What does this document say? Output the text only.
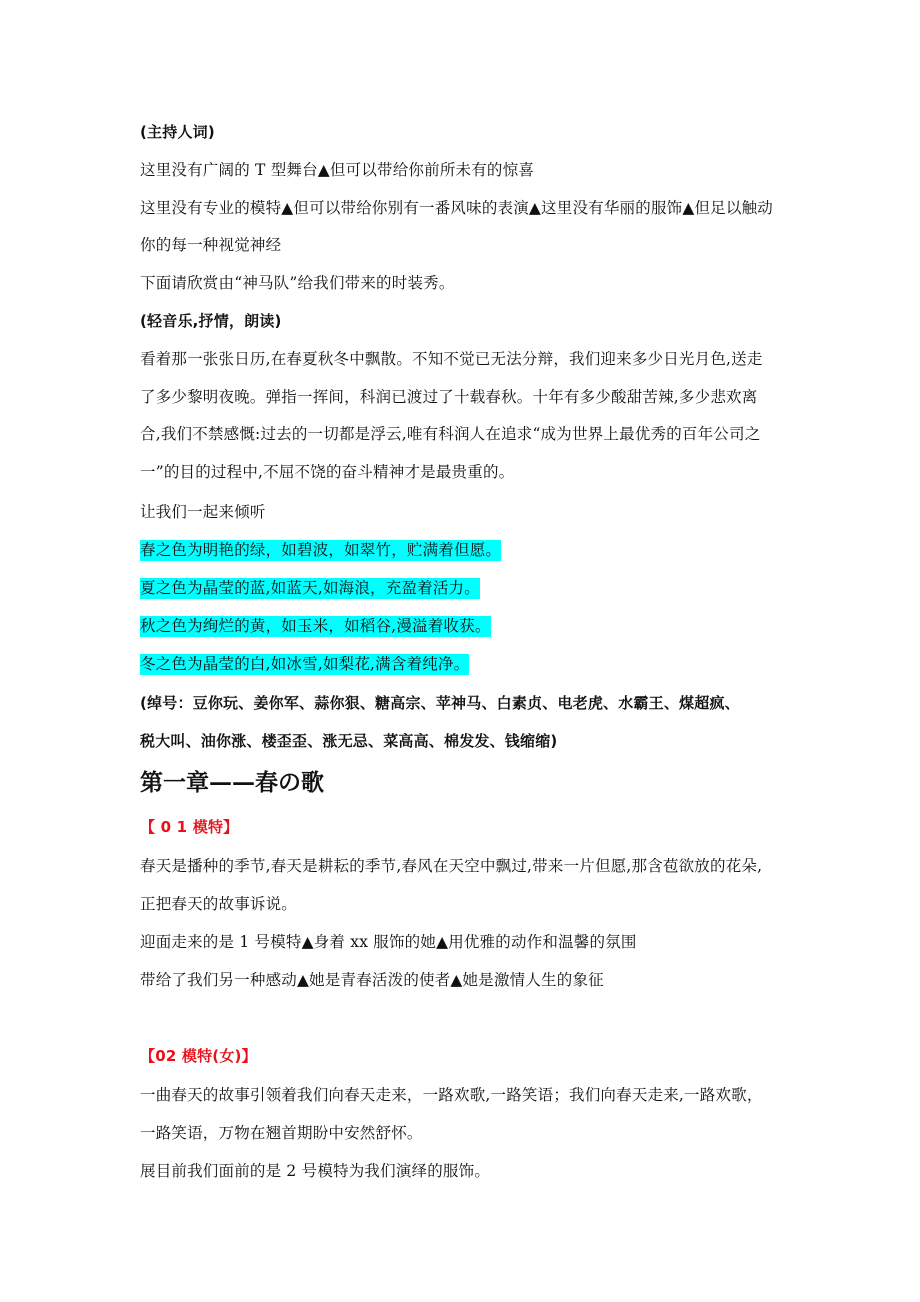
(主持人词)
这里没有广阔的 T 型舞台▲但可以带给你前所未有的惊喜
这里没有专业的模特▲但可以带给你别有一番风味的表演▲这里没有华丽的服饰▲但足以触动
你的每一种视觉神经
下面请欣赏由“神马队”给我们带来的时装秀。
(轻音乐,抒情，朗读)
看着那一张张日历,在春夏秋冬中飘散。不知不觉已无法分辩，我们迎来多少日光月色,送走
了多少黎明夜晚。弹指一挥间，科润已渡过了十载春秋。十年有多少酸甜苦辣,多少悲欢离
合,我们不禁感慨:过去的一切都是浮云,唯有科润人在追求“成为世界上最优秀的百年公司之
一”的目的过程中,不屈不饶的奋斗精神才是最贵重的。
让我们一起来倾听
春之色为明艳的绿，如碧波，如翠竹，贮满着但愿。
夏之色为晶莹的蓝,如蓝天,如海浪，充盈着活力。
秋之色为绚烂的黄，如玉米，如稻谷,漫溢着收获。
冬之色为晶莹的白,如冰雪,如梨花,满含着纯净。
(绰号：豆你玩、姜你军、蒜你狠、糖高宗、苹神马、白素贞、电老虎、水霸王、煤超疯、
税大叫、油你涨、楼歪歪、涨无忌、菜高高、棉发发、钱缩缩)
第一章——春の歌
【 0 1 模特】
春天是播种的季节,春天是耕耘的季节,春风在天空中飘过,带来一片但愿,那含苞欲放的花朵,
正把春天的故事诉说。
迎面走来的是 1 号模特▲身着 xx 服饰的她▲用优雅的动作和温馨的氛围
带给了我们另一种感动▲她是青春活泼的使者▲她是激情人生的象征
【02 模特(女)】
一曲春天的故事引领着我们向春天走来，一路欢歌,一路笑语；我们向春天走来,一路欢歌，
一路笑语，万物在翘首期盼中安然舒怀。
展目前我们面前的是 2 号模特为我们演绎的服饰。
